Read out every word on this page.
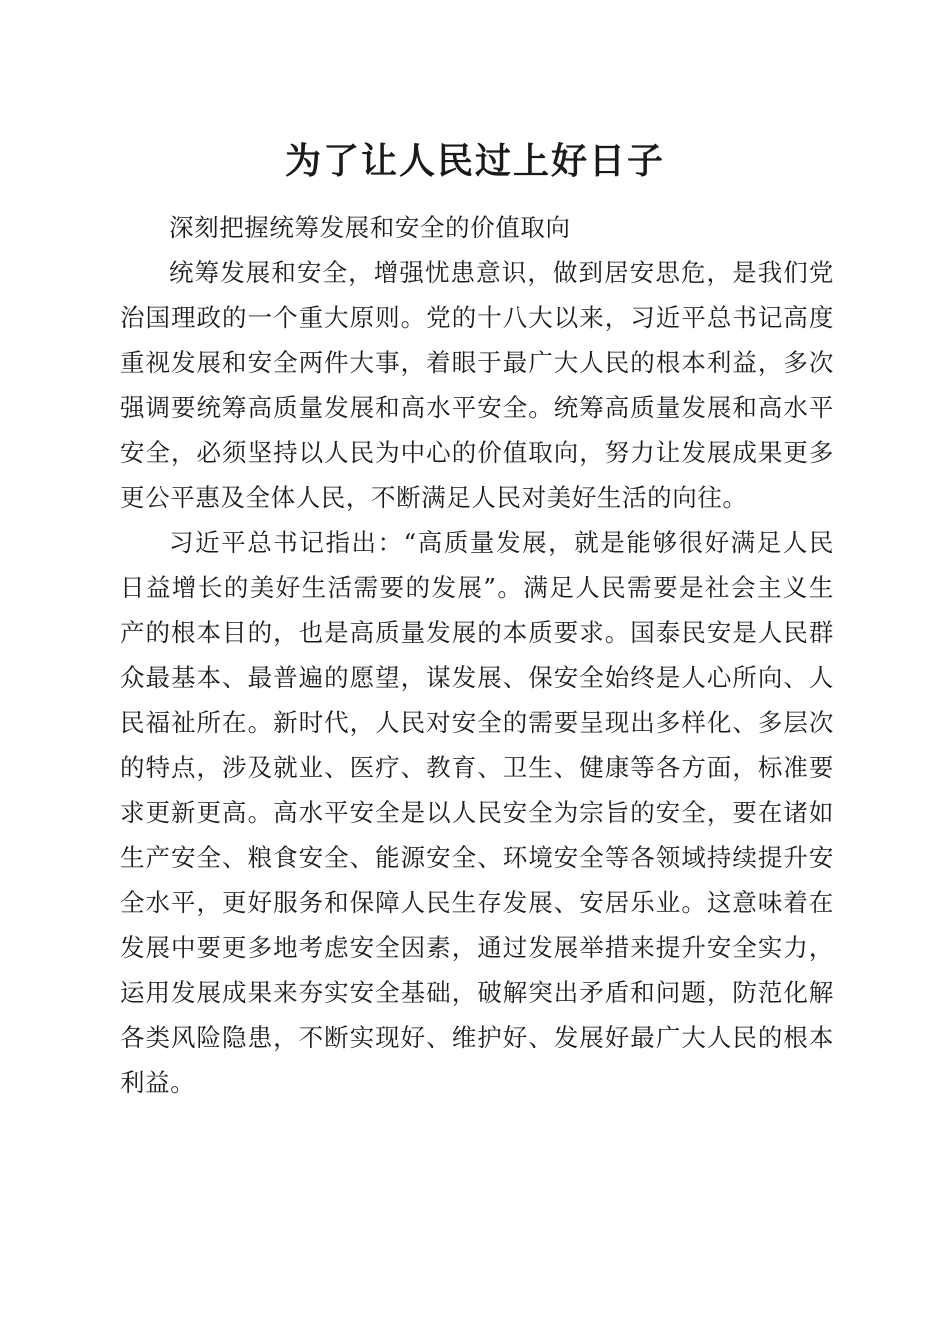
为了让人民过上好日子

深刻把握统筹发展和安全的价值取向

统筹发展和安全，增强忧患意识，做到居安思危，是我们党治国理政的一个重大原则。党的十八大以来，习近平总书记高度重视发展和安全两件大事，着眼于最广大人民的根本利益，多次强调要统筹高质量发展和高水平安全。统筹高质量发展和高水平安全，必须坚持以人民为中心的价值取向，努力让发展成果更多更公平惠及全体人民，不断满足人民对美好生活的向往。

习近平总书记指出：“高质量发展，就是能够很好满足人民日益增长的美好生活需要的发展”。满足人民需要是社会主义生产的根本目的，也是高质量发展的本质要求。国泰民安是人民群众最基本、最普遍的愿望，谋发展、保安全始终是人心所向、人民福祉所在。新时代，人民对安全的需要呈现出多样化、多层次的特点，涉及就业、医疗、教育、卫生、健康等各方面，标准要求更新更高。高水平安全是以人民安全为宗旨的安全，要在诸如生产安全、粮食安全、能源安全、环境安全等各领域持续提升安全水平，更好服务和保障人民生存发展、安居乐业。这意味着在发展中要更多地考虑安全因素，通过发展举措来提升安全实力，运用发展成果来夯实安全基础，破解突出矛盾和问题，防范化解各类风险隐患，不断实现好、维护好、发展好最广大人民的根本利益。
